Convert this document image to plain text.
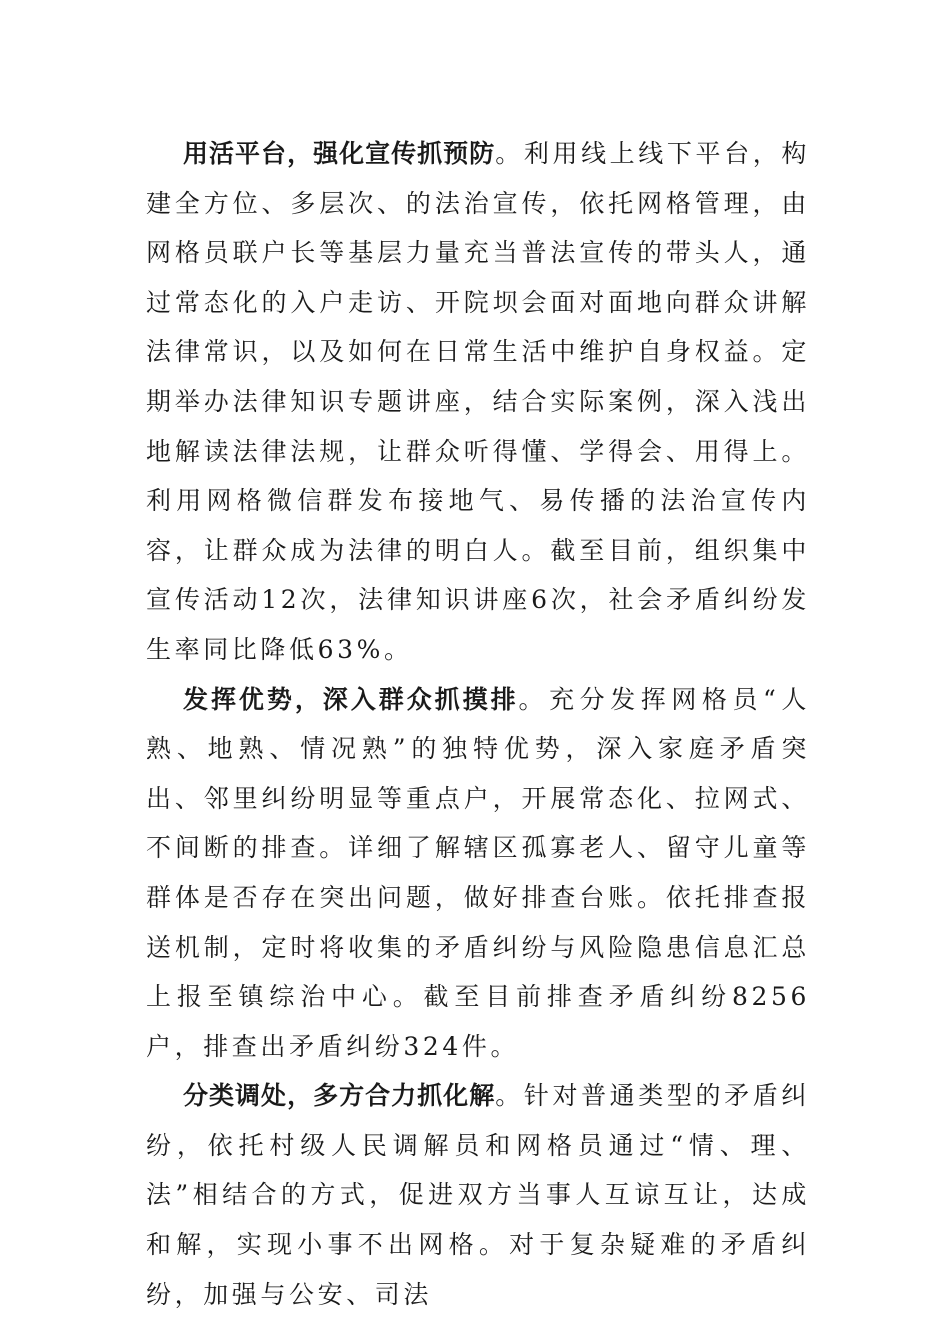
用活平台，强化宣传抓预防。利用线上线下平台，构建全方位、多层次、的法治宣传，依托网格管理，由网格员联户长等基层力量充当普法宣传的带头人，通过常态化的入户走访、开院坝会面对面地向群众讲解法律常识，以及如何在日常生活中维护自身权益。定期举办法律知识专题讲座，结合实际案例，深入浅出地解读法律法规，让群众听得懂、学得会、用得上。利用网格微信群发布接地气、易传播的法治宣传内容，让群众成为法律的明白人。截至目前，组织集中宣传活动12次，法律知识讲座6次，社会矛盾纠纷发生率同比降低63%。

发挥优势，深入群众抓摸排。充分发挥网格员“人熟、地熟、情况熟”的独特优势，深入家庭矛盾突出、邻里纠纷明显等重点户，开展常态化、拉网式、不间断的排查。详细了解辖区孤寡老人、留守儿童等群体是否存在突出问题，做好排查台账。依托排查报送机制，定时将收集的矛盾纠纷与风险隐患信息汇总上报至镇综治中心。截至目前排查矛盾纠纷8256户，排查出矛盾纠纷324件。

分类调处，多方合力抓化解。针对普通类型的矛盾纠纷，依托村级人民调解员和网格员通过“情、理、法”相结合的方式，促进双方当事人互谅互让，达成和解，实现小事不出网格。对于复杂疑难的矛盾纠纷，加强与公安、司法
